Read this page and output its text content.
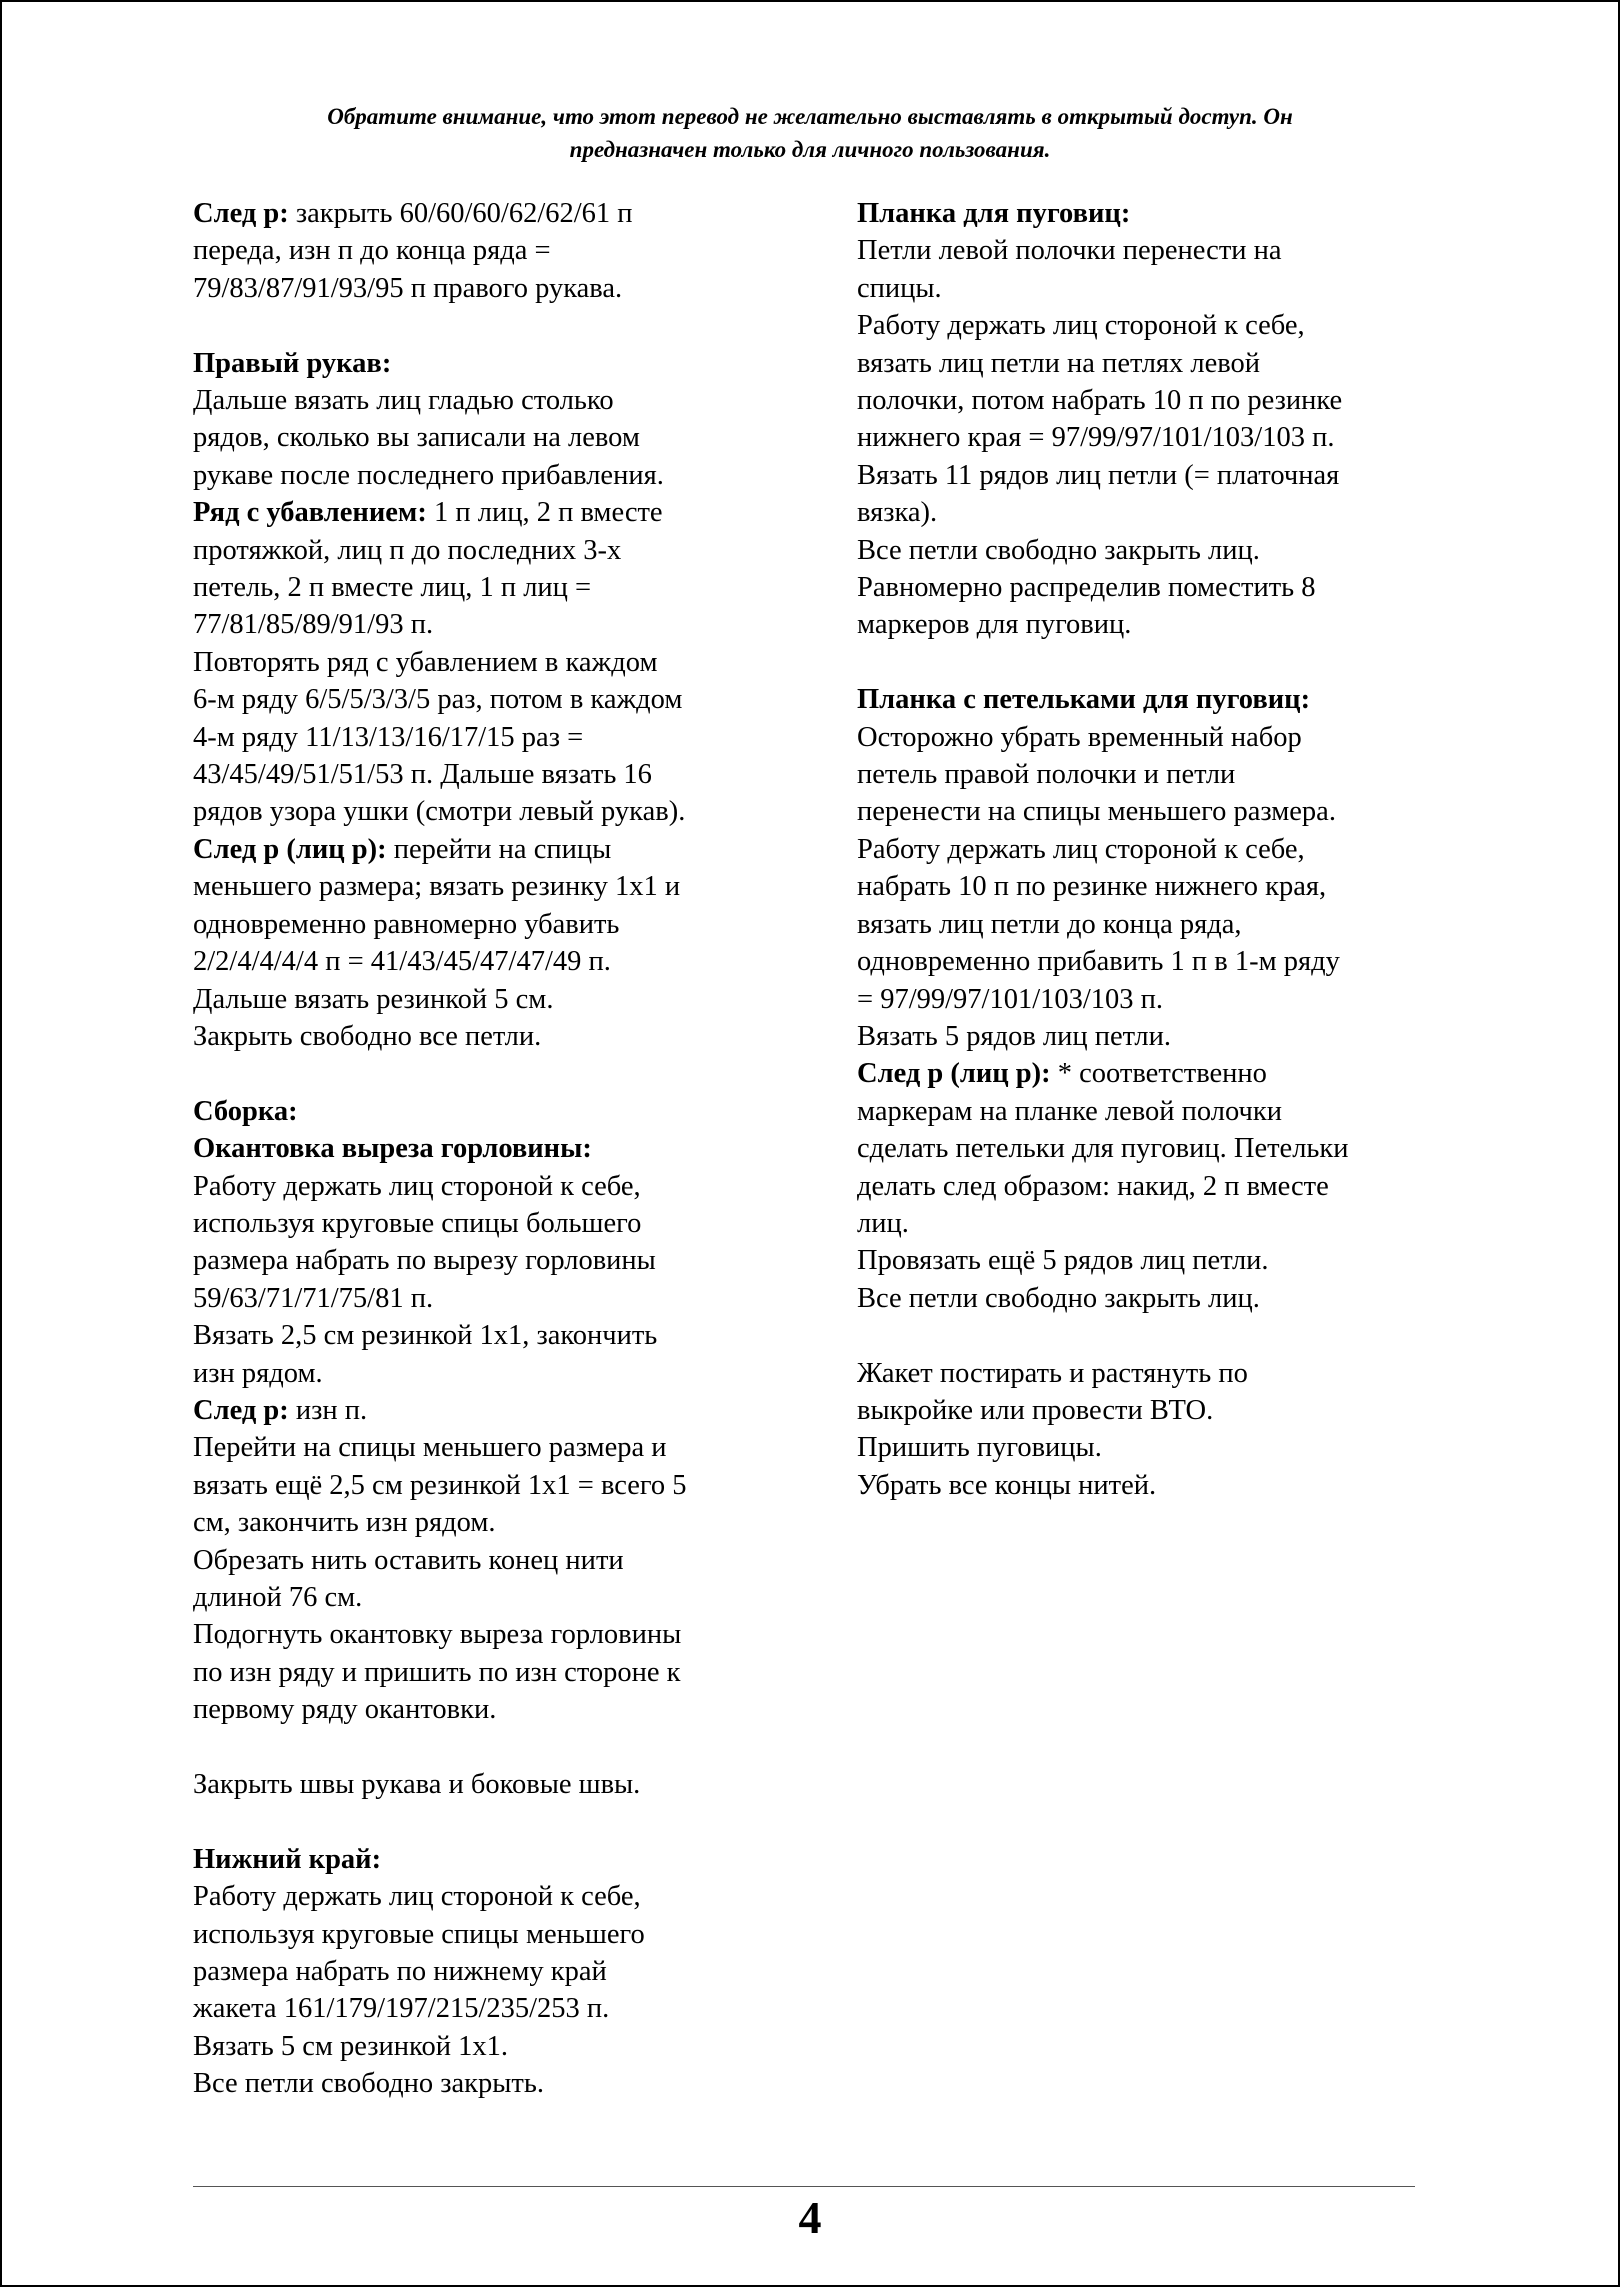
Обратите внимание, что этот перевод не желательно выставлять в открытый доступ. Он
предназначен только для личного пользования.

След р: закрыть 60/60/60/62/62/61 п

переда, изн п до конца ряда =

79/83/87/91/93/95 п правого рукава.

Правый рукав:

Дальше вязать лиц гладью столько

рядов, сколько вы записали на левом

рукаве после последнего прибавления.

Ряд с убавлением: 1 п лиц, 2 п вместе

протяжкой, лиц п до последних 3-х

петель, 2 п вместе лиц, 1 п лиц =

77/81/85/89/91/93 п.

Повторять ряд с убавлением в каждом

6-м ряду 6/5/5/3/3/5 раз, потом в каждом

4-м ряду 11/13/13/16/17/15 раз =

43/45/49/51/51/53 п. Дальше вязать 16

рядов узора ушки (смотри левый рукав).

След р (лиц р): перейти на спицы

меньшего размера; вязать резинку 1x1 и

одновременно равномерно убавить

2/2/4/4/4/4 п = 41/43/45/47/47/49 п.

Дальше вязать резинкой 5 см.

Закрыть свободно все петли.

Сборка:

Окантовка выреза горловины:

Работу держать лиц стороной к себе,

используя круговые спицы большего

размера набрать по вырезу горловины

59/63/71/71/75/81 п.

Вязать 2,5 см резинкой 1x1, закончить

изн рядом.

След р: изн п.

Перейти на спицы меньшего размера и

вязать ещё 2,5 см резинкой 1x1 = всего 5

см, закончить изн рядом.

Обрезать нить оставить конец нити

длиной 76 см.

Подогнуть окантовку выреза горловины

по изн ряду и пришить по изн стороне к

первому ряду окантовки.

Закрыть швы рукава и боковые швы.

Нижний край:

Работу держать лиц стороной к себе,

используя круговые спицы меньшего

размера набрать по нижнему край

жакета 161/179/197/215/235/253 п.

Вязать 5 см резинкой 1x1.

Все петли свободно закрыть.

Планка для пуговиц:

Петли левой полочки перенести на

спицы.

Работу держать лиц стороной к себе,

вязать лиц петли на петлях левой

полочки, потом набрать 10 п по резинке

нижнего края = 97/99/97/101/103/103 п.

Вязать 11 рядов лиц петли (= платочная

вязка).

Все петли свободно закрыть лиц.

Равномерно распределив поместить 8

маркеров для пуговиц.

Планка с петельками для пуговиц:

Осторожно убрать временный набор

петель правой полочки и петли

перенести на спицы меньшего размера.

Работу держать лиц стороной к себе,

набрать 10 п по резинке нижнего края,

вязать лиц петли до конца ряда,

одновременно прибавить 1 п в 1-м ряду

= 97/99/97/101/103/103 п.

Вязать 5 рядов лиц петли.

След р (лиц р): * соответственно

маркерам на планке левой полочки

сделать петельки для пуговиц. Петельки

делать след образом: накид, 2 п вместе

лиц.

Провязать ещё 5 рядов лиц петли.

Все петли свободно закрыть лиц.

Жакет постирать и растянуть по

выкройке или провести ВТО.

Пришить пуговицы.

Убрать все концы нитей.

4
